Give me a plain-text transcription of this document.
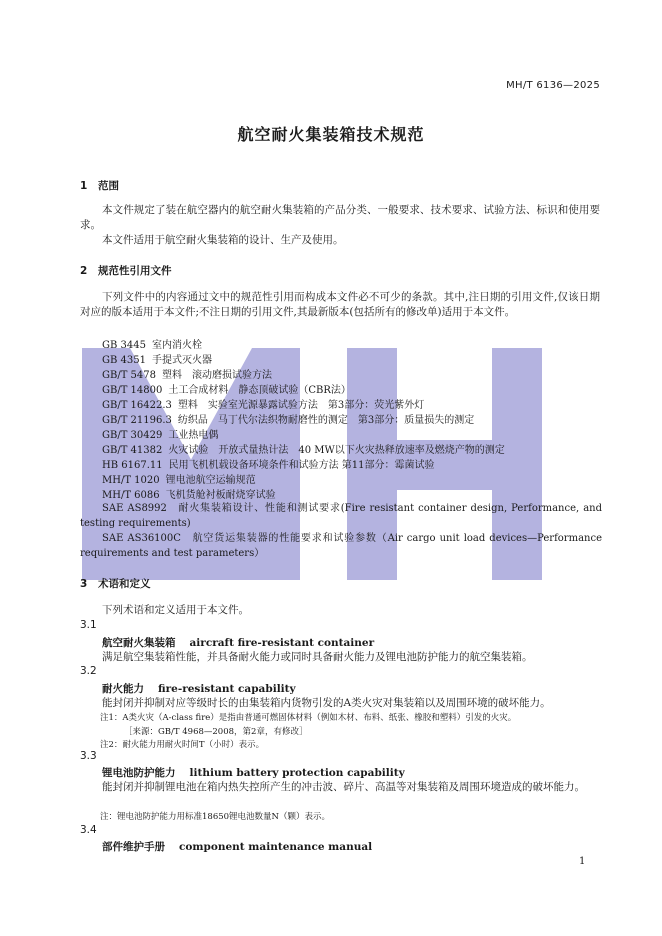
MH/T 6136—2025
航空耐火集装箱技术规范
1 范围
本文件规定了装在航空器内的航空耐火集装箱的产品分类、一般要求、技术要求、试验方法、标识和使用要求。
本文件适用于航空耐火集装箱的设计、生产及使用。
2 规范性引用文件
下列文件中的内容通过文中的规范性引用而构成本文件必不可少的条款。其中,注日期的引用文件,仅该日期对应的版本适用于本文件;不注日期的引用文件,其最新版本(包括所有的修改单)适用于本文件。
GB 3445 室内消火栓
GB 4351 手提式灭火器
GB/T 5478 塑料　滚动磨损试验方法
GB/T 14800 土工合成材料　静态顶破试验（CBR法）
GB/T 16422.3 塑料　实验室光源暴露试验方法　第3部分：荧光紫外灯
GB/T 21196.3 纺织品　马丁代尔法织物耐磨性的测定　第3部分：质量损失的测定
GB/T 30429 工业热电偶
GB/T 41382 火灾试验　开放式量热计法　40 MW以下火灾热释放速率及燃烧产物的测定
HB 6167.11 民用飞机机载设备环境条件和试验方法 第11部分：霉菌试验
MH/T 1020 锂电池航空运输规范
MH/T 6086 飞机货舱衬板耐烧穿试验
SAE AS8992　耐火集装箱设计、性能和测试要求(Fire resistant container design, Performance, and testing requirements)
SAE AS36100C　航空货运集装器的性能要求和试验参数（Air cargo unit load devices—Performance requirements and test parameters）
3 术语和定义
下列术语和定义适用于本文件。
3.1
航空耐火集装箱 aircraft fire-resistant container
满足航空集装箱性能，并具备耐火能力或同时具备耐火能力及锂电池防护能力的航空集装箱。
3.2
耐火能力 fire-resistant capability
能封闭并抑制对应等级时长的由集装箱内货物引发的A类火灾对集装箱以及周围环境的破坏能力。
注1：A类火灾（A-class fire）是指由普通可燃固体材料（例如木材、布料、纸张、橡胶和塑料）引发的火灾。
［来源：GB/T 4968—2008，第2章，有修改］
注2：耐火能力用耐火时间T（小时）表示。
3.3
锂电池防护能力 lithium battery protection capability
能封闭并抑制锂电池在箱内热失控所产生的冲击波、碎片、高温等对集装箱及周围环境造成的破坏能力。
注：锂电池防护能力用标准18650锂电池数量N（颗）表示。
3.4
部件维护手册 component maintenance manual
1
